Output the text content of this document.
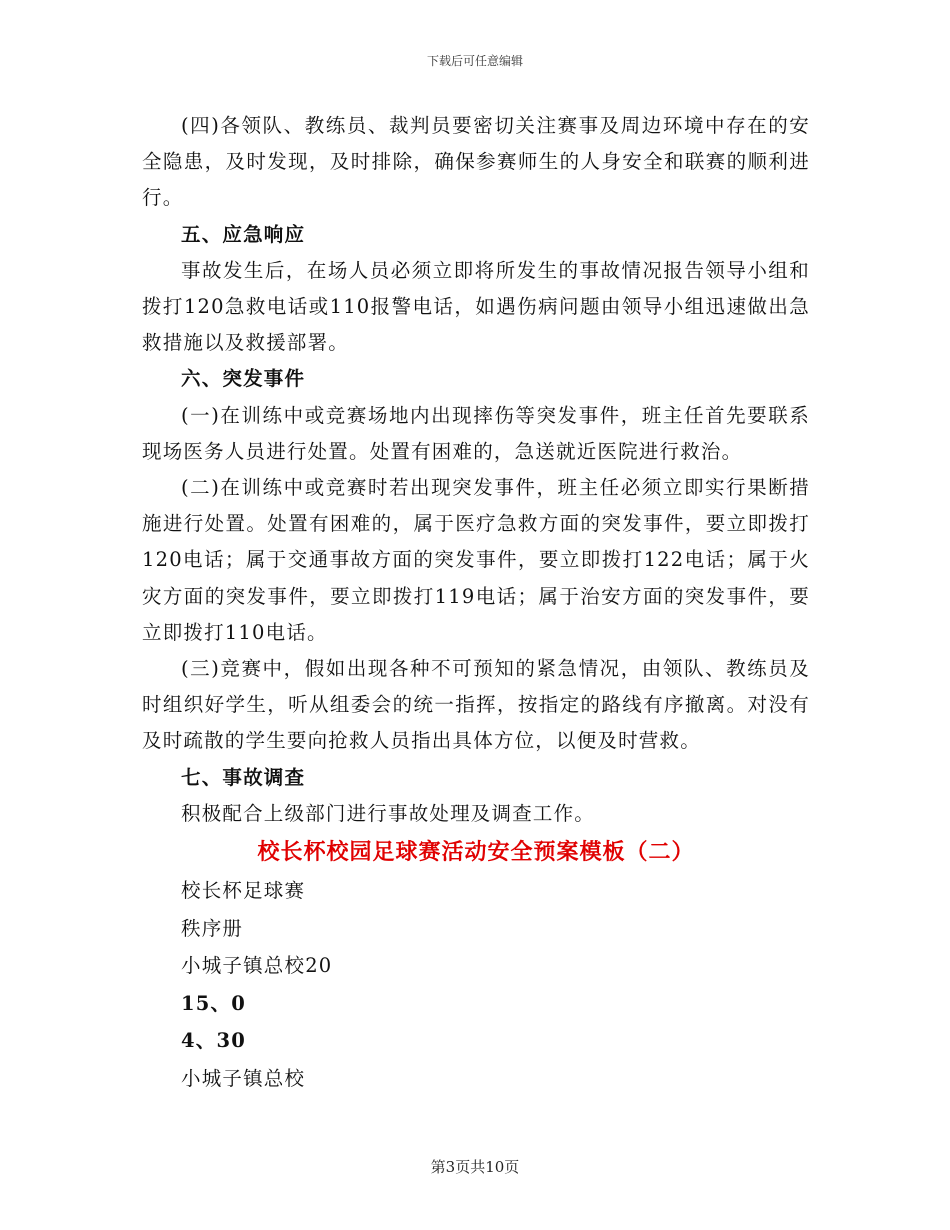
下载后可任意编辑

(四)各领队、教练员、裁判员要密切关注赛事及周边环境中存在的安全隐患，及时发现，及时排除，确保参赛师生的人身安全和联赛的顺利进行。

五、应急响应

事故发生后，在场人员必须立即将所发生的事故情况报告领导小组和拨打120急救电话或110报警电话，如遇伤病问题由领导小组迅速做出急救措施以及救援部署。

六、突发事件

(一)在训练中或竞赛场地内出现摔伤等突发事件，班主任首先要联系现场医务人员进行处置。处置有困难的，急送就近医院进行救治。

(二)在训练中或竞赛时若出现突发事件，班主任必须立即实行果断措施进行处置。处置有困难的，属于医疗急救方面的突发事件，要立即拨打120电话；属于交通事故方面的突发事件，要立即拨打122电话；属于火灾方面的突发事件，要立即拨打119电话；属于治安方面的突发事件，要立即拨打110电话。

(三)竞赛中，假如出现各种不可预知的紧急情况，由领队、教练员及时组织好学生，听从组委会的统一指挥，按指定的路线有序撤离。对没有及时疏散的学生要向抢救人员指出具体方位，以便及时营救。

七、事故调查

积极配合上级部门进行事故处理及调查工作。

校长杯校园足球赛活动安全预案模板（二）

校长杯足球赛

秩序册

小城子镇总校20

15、0

4、30

小城子镇总校

第3页共10页
